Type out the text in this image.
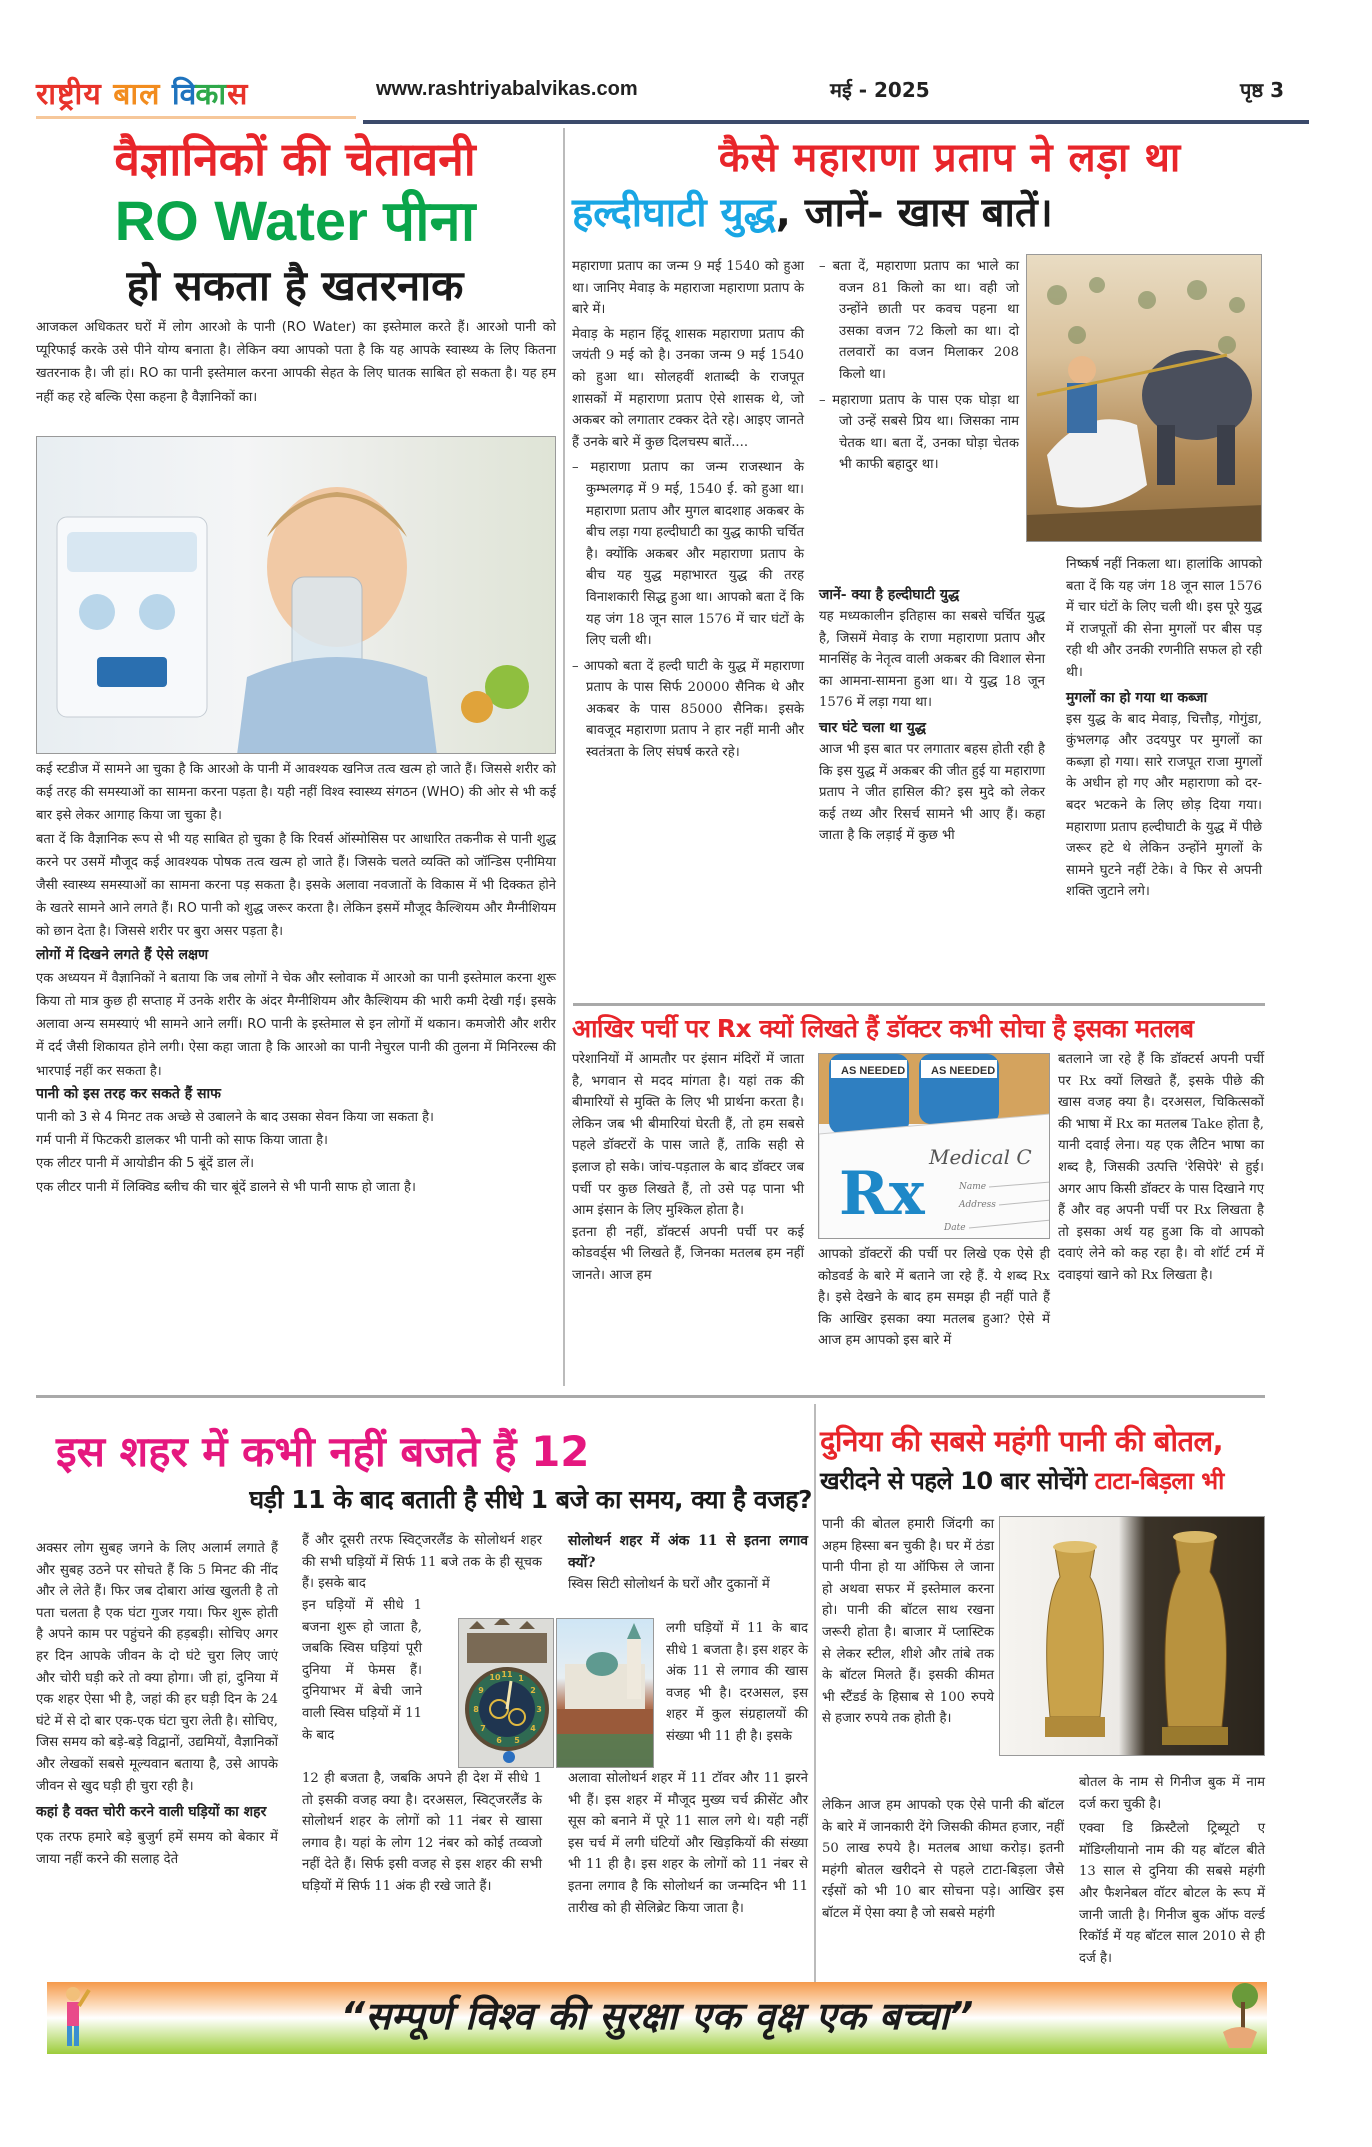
राष्ट्रीय बाल विकास	www.rashtriyabalvikas.com	मई - 2025	पृष्ठ 3
वैज्ञानिकों की चेतावनी
RO Water पीना
हो सकता है खतरनाक
आजकल अधिकतर घरों में लोग आरओ के पानी (RO Water) का इस्तेमाल करते हैं। आरओ पानी को प्यूरिफाई करके उसे पीने योग्य बनाता है। लेकिन क्या आपको पता है कि यह आपके स्वास्थ्य के लिए कितना खतरनाक है। जी हां। RO का पानी इस्तेमाल करना आपकी सेहत के लिए घातक साबित हो सकता है। यह हम नहीं कह रहे बल्कि ऐसा कहना है वैज्ञानिकों का।

कई स्टडीज में सामने आ चुका है कि आरओ के पानी में आवश्यक खनिज तत्व खत्म हो जाते हैं। जिससे शरीर को कई तरह की समस्याओं का सामना करना पड़ता है। यही नहीं विश्व स्वास्थ्य संगठन (WHO) की ओर से भी कई बार इसे लेकर आगाह किया जा चुका है।

बता दें कि वैज्ञानिक रूप से भी यह साबित हो चुका है कि रिवर्स ऑस्मोसिस पर आधारित तकनीक से पानी शुद्ध करने पर उसमें मौजूद कई आवश्यक पोषक तत्व खत्म हो जाते हैं। जिसके चलते व्यक्ति को जॉन्डिस एनीमिया जैसी स्वास्थ्य समस्याओं का सामना करना पड़ सकता है। इसके अलावा नवजातों के विकास में भी दिक्कत होने के खतरे सामने आने लगते हैं। RO पानी को शुद्ध जरूर करता है। लेकिन इसमें मौजूद कैल्शियम और मैग्नीशियम को छान देता है। जिससे शरीर पर बुरा असर पड़ता है।

लोगों में दिखने लगते हैं ऐसे लक्षण

एक अध्ययन में वैज्ञानिकों ने बताया कि जब लोगों ने चेक और स्लोवाक में आरओ का पानी इस्तेमाल करना शुरू किया तो मात्र कुछ ही सप्ताह में उनके शरीर के अंदर मैग्नीशियम और कैल्शियम की भारी कमी देखी गई। इसके अलावा अन्य समस्याएं भी सामने आने लगीं। RO पानी के इस्तेमाल से इन लोगों में थकान। कमजोरी और शरीर में दर्द जैसी शिकायत होने लगी। ऐसा कहा जाता है कि आरओ का पानी नेचुरल पानी की तुलना में मिनिरल्स की भारपाई नहीं कर सकता है।

पानी को इस तरह कर सकते हैं साफ

पानी को 3 से 4 मिनट तक अच्छे से उबालने के बाद उसका सेवन किया जा सकता है।

गर्म पानी में फिटकरी डालकर भी पानी को साफ किया जाता है।

एक लीटर पानी में आयोडीन की 5 बूंदें डाल लें।

एक लीटर पानी में लिक्विड ब्लीच की चार बूंदें डालने से भी पानी साफ हो जाता है।

कैसे महाराणा प्रताप ने लड़ा था
हल्दीघाटी युद्ध, जानें- खास बातें।

महाराणा प्रताप का जन्म 9 मई 1540 को हुआ था। जानिए मेवाड़ के महाराजा महाराणा प्रताप के बारे में।

मेवाड़ के महान हिंदू शासक महाराणा प्रताप की जयंती 9 मई को है। उनका जन्म 9 मई 1540 को हुआ था। सोलहवीं शताब्दी के राजपूत शासकों में महाराणा प्रताप ऐसे शासक थे, जो अकबर को लगातार टक्कर देते रहे। आइए जानते हैं उनके बारे में कुछ दिलचस्प बातें....

– महाराणा प्रताप का जन्म राजस्थान के कुम्भलगढ़ में 9 मई, 1540 ई. को हुआ था। महाराणा प्रताप और मुगल बादशाह अकबर के बीच लड़ा गया हल्दीघाटी का युद्ध काफी चर्चित है। क्योंकि अकबर और महाराणा प्रताप के बीच यह युद्ध महाभारत युद्ध की तरह विनाशकारी सिद्ध हुआ था। आपको बता दें कि यह जंग 18 जून साल 1576 में चार घंटों के लिए चली थी।

– आपको बता दें हल्दी घाटी के युद्ध में महाराणा प्रताप के पास सिर्फ 20000 सैनिक थे और अकबर के पास 85000 सैनिक। इसके बावजूद महाराणा प्रताप ने हार नहीं मानी और स्वतंत्रता के लिए संघर्ष करते रहे।

– बता दें, महाराणा प्रताप का भाले का वजन 81 किलो का था। वही जो उन्होंने छाती पर कवच पहना था उसका वजन 72 किलो का था। दो तलवारों का वजन मिलाकर 208 किलो था।

– महाराणा प्रताप के पास एक घोड़ा था जो उन्हें सबसे प्रिय था। जिसका नाम चेतक था। बता दें, उनका घोड़ा चेतक भी काफी बहादुर था।

जानें- क्या है हल्दीघाटी युद्ध

यह मध्यकालीन इतिहास का सबसे चर्चित युद्ध है, जिसमें मेवाड़ के राणा महाराणा प्रताप और मानसिंह के नेतृत्व वाली अकबर की विशाल सेना का आमना-सामना हुआ था। ये युद्ध 18 जून 1576 में लड़ा गया था।

चार घंटे चला था युद्ध

आज भी इस बात पर लगातार बहस होती रही है कि इस युद्ध में अकबर की जीत हुई या महाराणा प्रताप ने जीत हासिल की? इस मुदे को लेकर कई तथ्य और रिसर्च सामने भी आए हैं। कहा जाता है कि लड़ाई में कुछ भी

निष्कर्ष नहीं निकला था। हालांकि आपको बता दें कि यह जंग 18 जून साल 1576 में चार घंटों के लिए चली थी। इस पूरे युद्ध में राजपूतों की सेना मुगलों पर बीस पड़ रही थी और उनकी रणनीति सफल हो रही थी।

मुगलों का हो गया था कब्जा

इस युद्ध के बाद मेवाड़, चित्तौड़, गोगुंडा, कुंभलगढ़ और उदयपुर पर मुगलों का कब्ज़ा हो गया। सारे राजपूत राजा मुगलों के अधीन हो गए और महाराणा को दर-बदर भटकने के लिए छोड़ दिया गया। महाराणा प्रताप हल्दीघाटी के युद्ध में पीछे जरूर हटे थे लेकिन उन्होंने मुगलों के सामने घुटने नहीं टेके। वे फिर से अपनी शक्ति जुटाने लगे।

आखिर पर्ची पर Rx क्यों लिखते हैं डॉक्टर कभी सोचा है इसका मतलब

परेशानियों में आमतौर पर इंसान मंदिरों में जाता है, भगवान से मदद मांगता है। यहां तक की बीमारियों से मुक्ति के लिए भी प्रार्थना करता है। लेकिन जब भी बीमारियां घेरती हैं, तो हम सबसे पहले डॉक्टरों के पास जाते हैं, ताकि सही से इलाज हो सके। जांच-पड़ताल के बाद डॉक्टर जब पर्ची पर कुछ लिखते हैं, तो उसे पढ़ पाना भी आम इंसान के लिए मुश्किल होता है।

इतना ही नहीं, डॉक्टर्स अपनी पर्ची पर कई कोडवर्ड्स भी लिखते हैं, जिनका मतलब हम नहीं जानते। आज हम

AS NEEDED AS NEEDED
Medical C
Rx	Name
Address
Date

आपको डॉक्टरों की पर्ची पर लिखे एक ऐसे ही कोडवर्ड के बारे में बताने जा रहे हैं. ये शब्द Rx है। इसे देखने के बाद हम समझ ही नहीं पाते हैं कि आखिर इसका क्या मतलब हुआ? ऐसे में आज हम आपको इस बारे में

बतलाने जा रहे हैं कि डॉक्टर्स अपनी पर्ची पर Rx क्यों लिखते हैं, इसके पीछे की खास वजह क्या है। दरअसल, चिकित्सकों की भाषा में Rx का मतलब Take होता है, यानी दवाई लेना। यह एक लैटिन भाषा का शब्द है, जिसकी उत्पत्ति 'रेसिपेरे' से हुई। अगर आप किसी डॉक्टर के पास दिखाने गए हैं और वह अपनी पर्ची पर Rx लिखता है तो इसका अर्थ यह हुआ कि वो आपको दवाएं लेने को कह रहा है। वो शॉर्ट टर्म में दवाइयां खाने को Rx लिखता है।

इस शहर में कभी नहीं बजते हैं 12
घड़ी 11 के बाद बताती है सीधे 1 बजे का समय, क्या है वजह?

अक्सर लोग सुबह जगने के लिए अलार्म लगाते हैं और सुबह उठने पर सोचते हैं कि 5 मिनट की नींद और ले लेते हैं। फिर जब दोबारा आंख खुलती है तो पता चलता है एक घंटा गुजर गया। फिर शुरू होती है अपने काम पर पहुंचने की हड़बड़ी। सोचिए अगर हर दिन आपके जीवन के दो घंटे चुरा लिए जाएं और चोरी घड़ी करे तो क्या होगा। जी हां, दुनिया में एक शहर ऐसा भी है, जहां की हर घड़ी दिन के 24 घंटे में से दो बार एक-एक घंटा चुरा लेती है। सोचिए, जिस समय को बड़े-बड़े विद्वानों, उद्यमियों, वैज्ञानिकों और लेखकों सबसे मूल्यवान बताया है, उसे आपके जीवन से खुद घड़ी ही चुरा रही है।

कहां है वक्त चोरी करने वाली घड़ियों का शहर

एक तरफ हमारे बड़े बुजुर्ग हमें समय को बेकार में जाया नहीं करने की सलाह देते

हैं और दूसरी तरफ स्विट्जरलैंड के सोलोथर्न शहर की सभी घड़ियों में सिर्फ 11 बजे तक के ही सूचक हैं। इसके बाद

इन घड़ियों में सीधे 1 बजना शुरू हो जाता है, जबकि स्विस घड़ियां पूरी दुनिया में फेमस हैं। दुनियाभर में बेची जाने वाली स्विस घड़ियों में 11 के बाद

10 11 1
2
3
4
5
6
7
8
9

12 ही बजता है, जबकि अपने ही देश में सीधे 1 तो इसकी वजह क्या है। दरअसल, स्विट्जरलैंड के सोलोथर्न शहर के लोगों को 11 नंबर से खासा लगाव है। यहां के लोग 12 नंबर को कोई तव्वजो नहीं देते हैं। सिर्फ इसी वजह से इस शहर की सभी घड़ियों में सिर्फ 11 अंक ही रखे जाते हैं।

सोलोथर्न शहर में अंक 11 से इतना लगाव क्यों?

स्विस सिटी सोलोथर्न के घरों और दुकानों में

लगी घड़ियों में 11 के बाद सीधे 1 बजता है। इस शहर के अंक 11 से लगाव की खास वजह भी है। दरअसल, इस शहर में कुल संग्रहालयों की संख्या भी 11 ही है। इसके

अलावा सोलोथर्न शहर में 11 टॉवर और 11 झरने भी हैं। इस शहर में मौजूद मुख्य चर्च क्रीसेंट और सूस को बनाने में पूरे 11 साल लगे थे। यही नहीं इस चर्च में लगी घंटियों और खिड़कियों की संख्या भी 11 ही है। इस शहर के लोगों को 11 नंबर से इतना लगाव है कि सोलोथर्न का जन्मदिन भी 11 तारीख को ही सेलिब्रेट किया जाता है।

दुनिया की सबसे महंगी पानी की बोतल,
खरीदने से पहले 10 बार सोचेंगे टाटा-बिड़ला भी

पानी की बोतल हमारी जिंदगी का अहम हिस्सा बन चुकी है। घर में ठंडा पानी पीना हो या ऑफिस ले जाना हो अथवा सफर में इस्तेमाल करना हो। पानी की बॉटल साथ रखना जरूरी होता है। बाजार में प्लास्टिक से लेकर स्टील, शीशे और तांबे तक के बॉटल मिलते हैं। इसकी कीमत भी स्टैंडर्ड के हिसाब से 100 रुपये से हजार रुपये तक होती है।

लेकिन आज हम आपको एक ऐसे पानी की बॉटल के बारे में जानकारी देंगे जिसकी कीमत हजार, नहीं 50 लाख रुपये है। मतलब आधा करोड़। इतनी महंगी बोतल खरीदने से पहले टाटा-बिड़ला जैसे रईसों को भी 10 बार सोचना पड़े। आखिर इस बॉटल में ऐसा क्या है जो सबसे महंगी

बोतल के नाम से गिनीज बुक में नाम दर्ज करा चुकी है।

एक्वा डि क्रिस्टैलो ट्रिब्यूटो ए मॉडिग्लीयानो नाम की यह बॉटल बीते 13 साल से दुनिया की सबसे महंगी और फैशनेबल वॉटर बोटल के रूप में जानी जाती है। गिनीज बुक ऑफ वर्ल्ड रिकॉर्ड में यह बॉटल साल 2010 से ही दर्ज है।

“सम्पूर्ण विश्व की सुरक्षा एक वृक्ष एक बच्चा”
